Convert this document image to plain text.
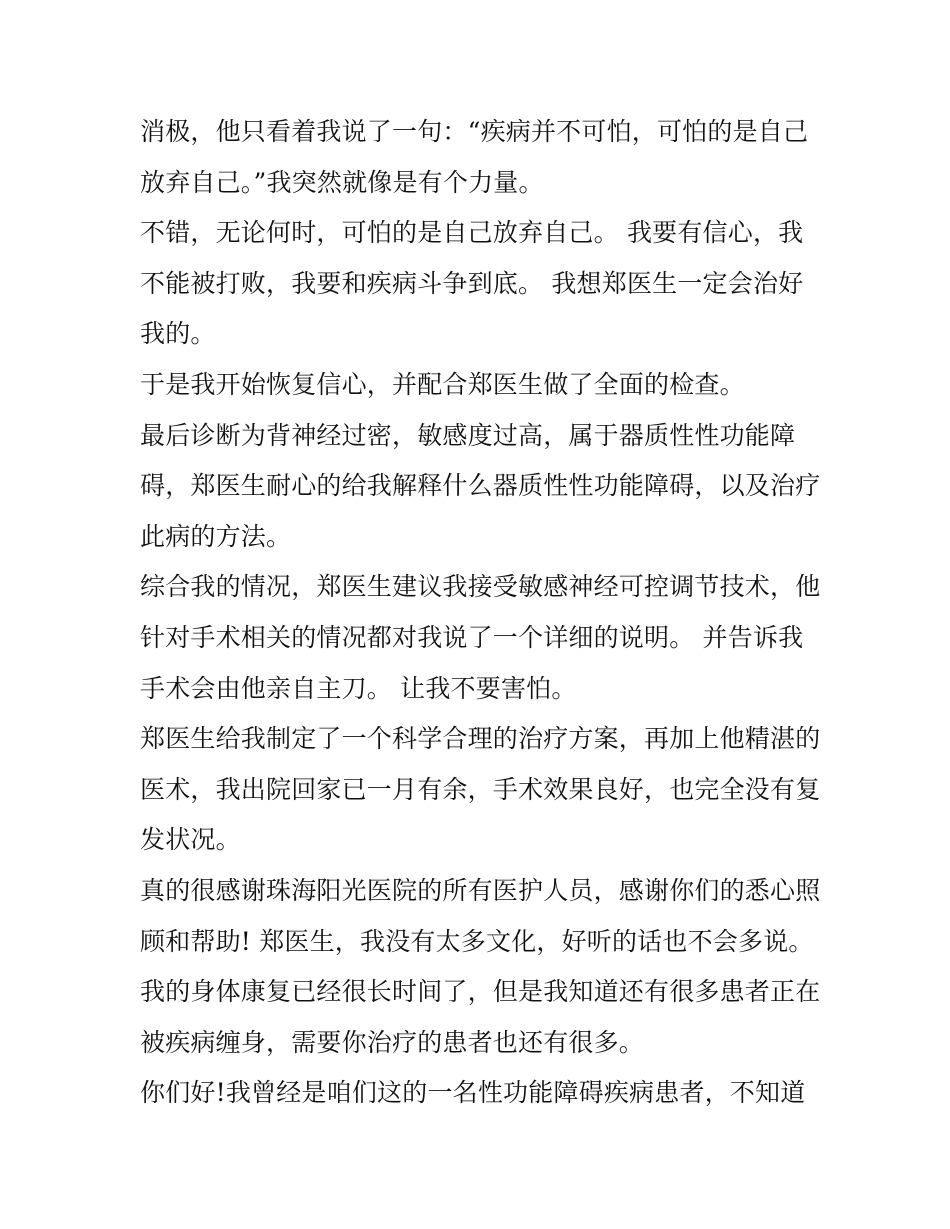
消极，他只看着我说了一句：“疾病并不可怕，可怕的是自己
放弃自己。”我突然就像是有个力量。
不错，无论何时，可怕的是自己放弃自己。 我要有信心，我
不能被打败，我要和疾病斗争到底。 我想郑医生一定会治好
我的。
于是我开始恢复信心，并配合郑医生做了全面的检查。
最后诊断为背神经过密，敏感度过高，属于器质性性功能障
碍，郑医生耐心的给我解释什么器质性性功能障碍，以及治疗
此病的方法。
综合我的情况，郑医生建议我接受敏感神经可控调节技术，他
针对手术相关的情况都对我说了一个详细的说明。 并告诉我
手术会由他亲自主刀。 让我不要害怕。
郑医生给我制定了一个科学合理的治疗方案，再加上他精湛的
医术，我出院回家已一月有余，手术效果良好，也完全没有复
发状况。
真的很感谢珠海阳光医院的所有医护人员，感谢你们的悉心照
顾和帮助! 郑医生，我没有太多文化，好听的话也不会多说。
我的身体康复已经很长时间了，但是我知道还有很多患者正在
被疾病缠身，需要你治疗的患者也还有很多。
你们好!我曾经是咱们这的一名性功能障碍疾病患者，不知道
